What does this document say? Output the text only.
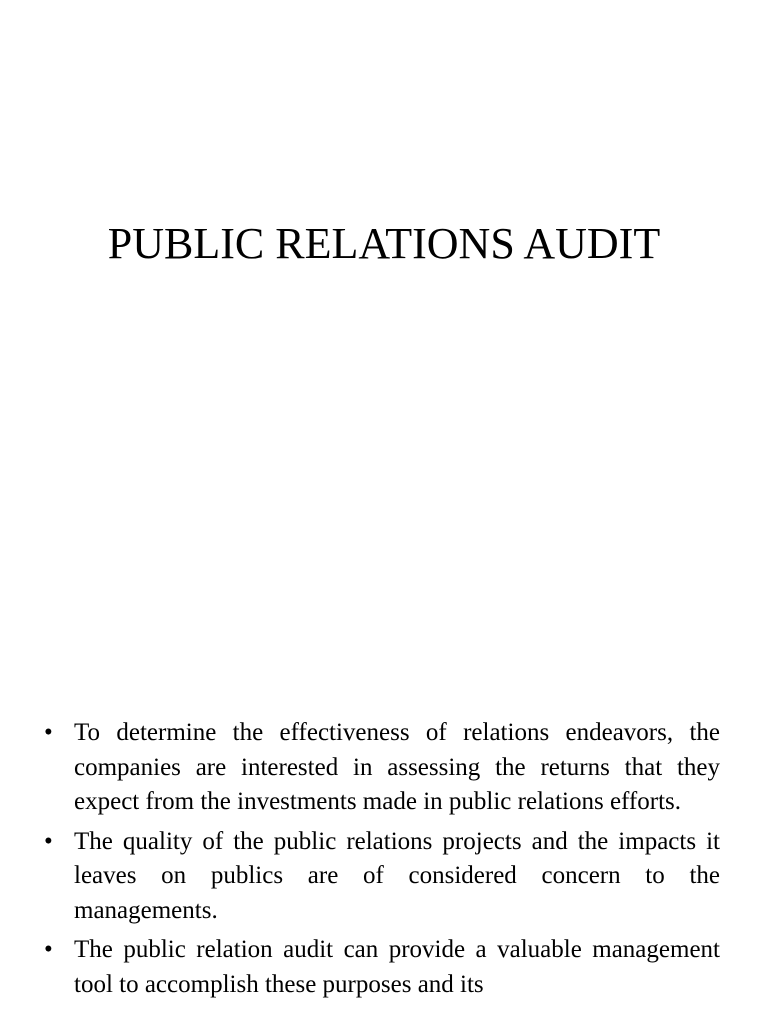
PUBLIC RELATIONS AUDIT
• To determine the effectiveness of relations endeavors, the companies are interested in assessing the returns that they expect from the investments made in public relations efforts.
• The quality of the public relations projects and the impacts it leaves on publics are of considered concern to the managements.
• The public relation audit can provide a valuable management tool to accomplish these purposes and its
